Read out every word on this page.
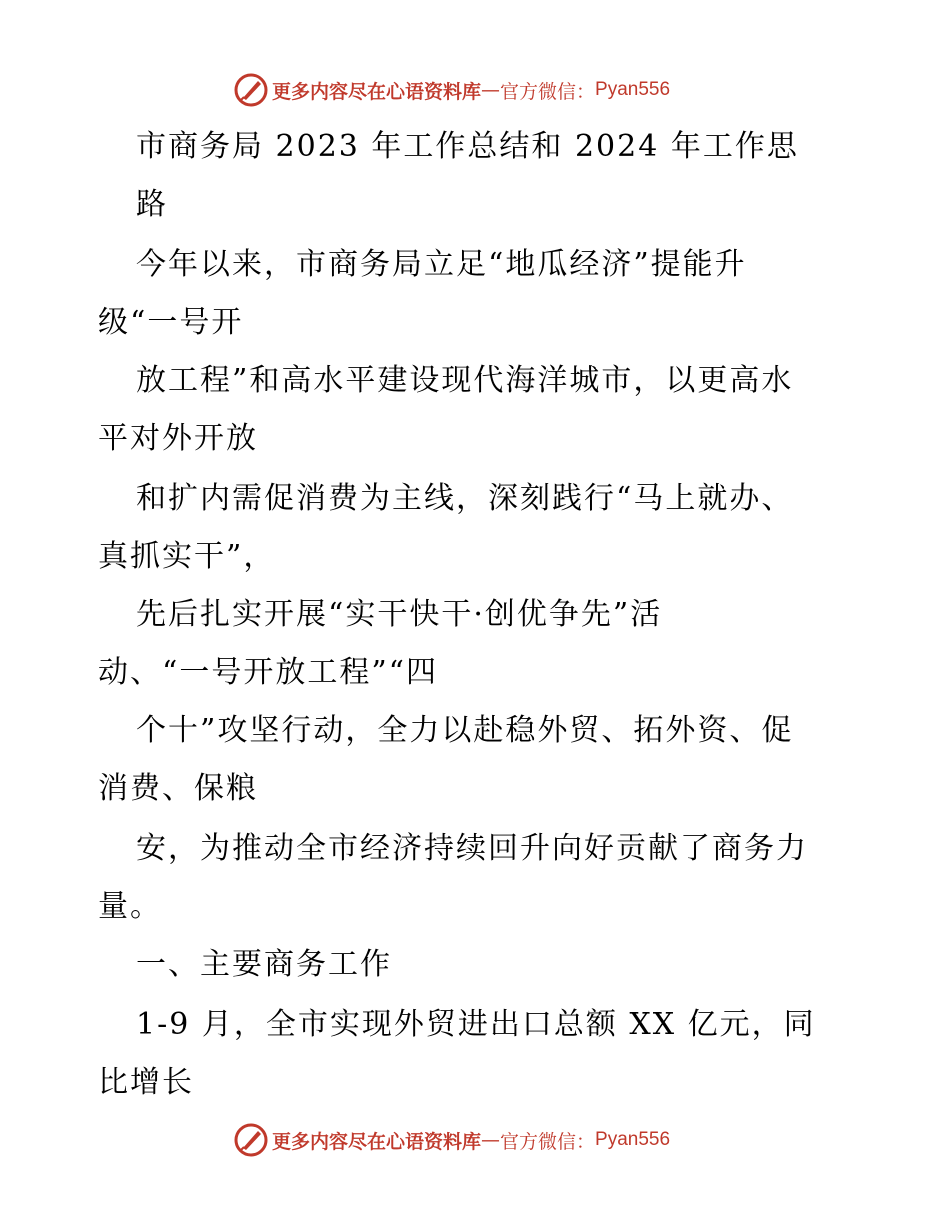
更多内容尽在心语资料库 — 官方微信： Pyan556
市商务局 2023 年工作总结和 2024 年工作思
路
今年以来，市商务局立足“地瓜经济”提能升
级“一号开
放工程”和高水平建设现代海洋城市，以更高水
平对外开放
和扩内需促消费为主线，深刻践行“马上就办、
真抓实干”，
先后扎实开展“实干快干·创优争先”活
动、“一号开放工程”“四
个十”攻坚行动，全力以赴稳外贸、拓外资、促
消费、保粮
安，为推动全市经济持续回升向好贡献了商务力
量。
一、主要商务工作
1-9 月，全市实现外贸进出口总额 XX 亿元，同
比增长
更多内容尽在心语资料库 — 官方微信： Pyan556
